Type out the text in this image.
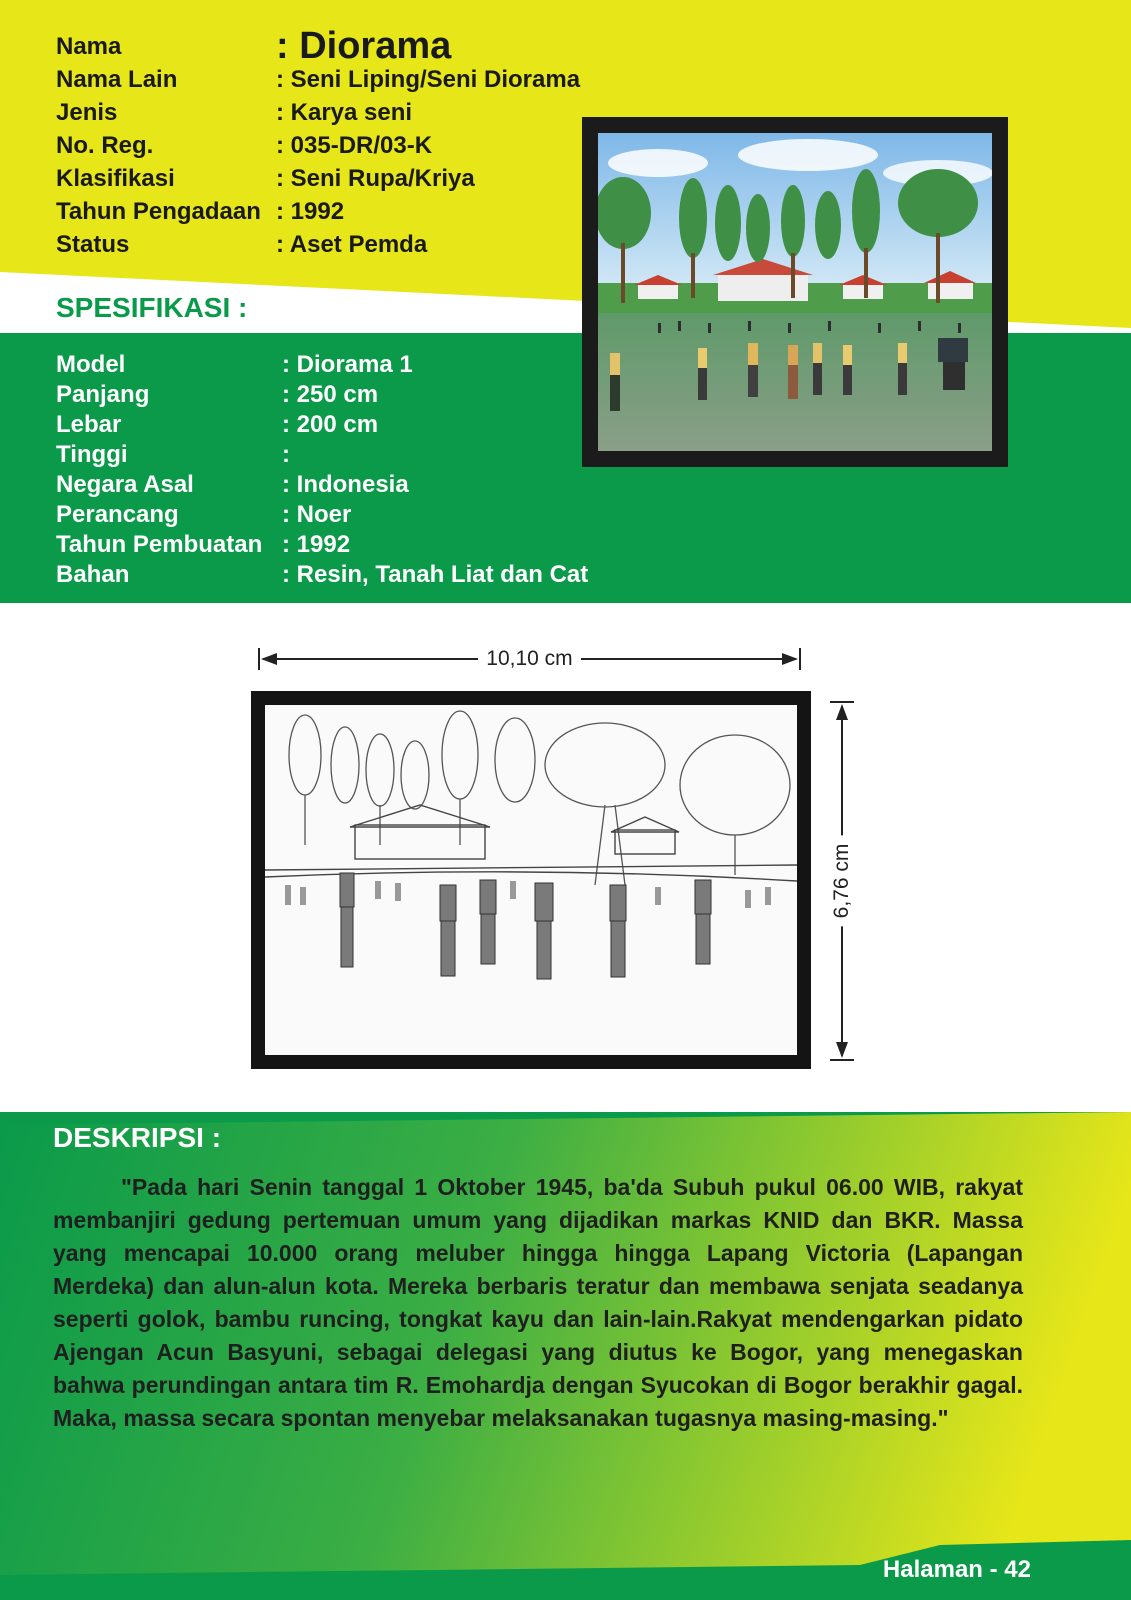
Nama	: Diorama
Nama Lain	: Seni Liping/Seni Diorama
Jenis	: Karya seni
No. Reg.	: 035-DR/03-K
Klasifikasi	: Seni Rupa/Kriya
Tahun Pengadaan : 1992
Status	: Aset Pemda
SPESIFIKASI :
Model	: Diorama 1
Panjang	: 250 cm
Lebar	: 200 cm
Tinggi	:
Negara Asal	: Indonesia
Perancang	: Noer
Tahun Pembuatan : 1992
Bahan	: Resin, Tanah Liat dan Cat
10,10 cm
6,76 cm
DESKRIPSI :

"Pada hari Senin tanggal 1 Oktober 1945, ba'da Subuh pukul 06.00 WIB, rakyat membanjiri gedung pertemuan umum yang dijadikan markas KNID dan BKR. Massa yang mencapai 10.000 orang meluber hingga hingga Lapang Victoria (Lapangan Merdeka) dan alun-alun kota. Mereka berbaris teratur dan membawa senjata seadanya seperti golok, bambu runcing, tongkat kayu dan lain-lain.Rakyat mendengarkan pidato Ajengan Acun Basyuni, sebagai delegasi yang diutus ke Bogor, yang menegaskan bahwa perundingan antara tim R. Emohardja dengan Syucokan di Bogor berakhir gagal. Maka, massa secara spontan menyebar melaksanakan tugasnya masing-masing."

Halaman - 42
